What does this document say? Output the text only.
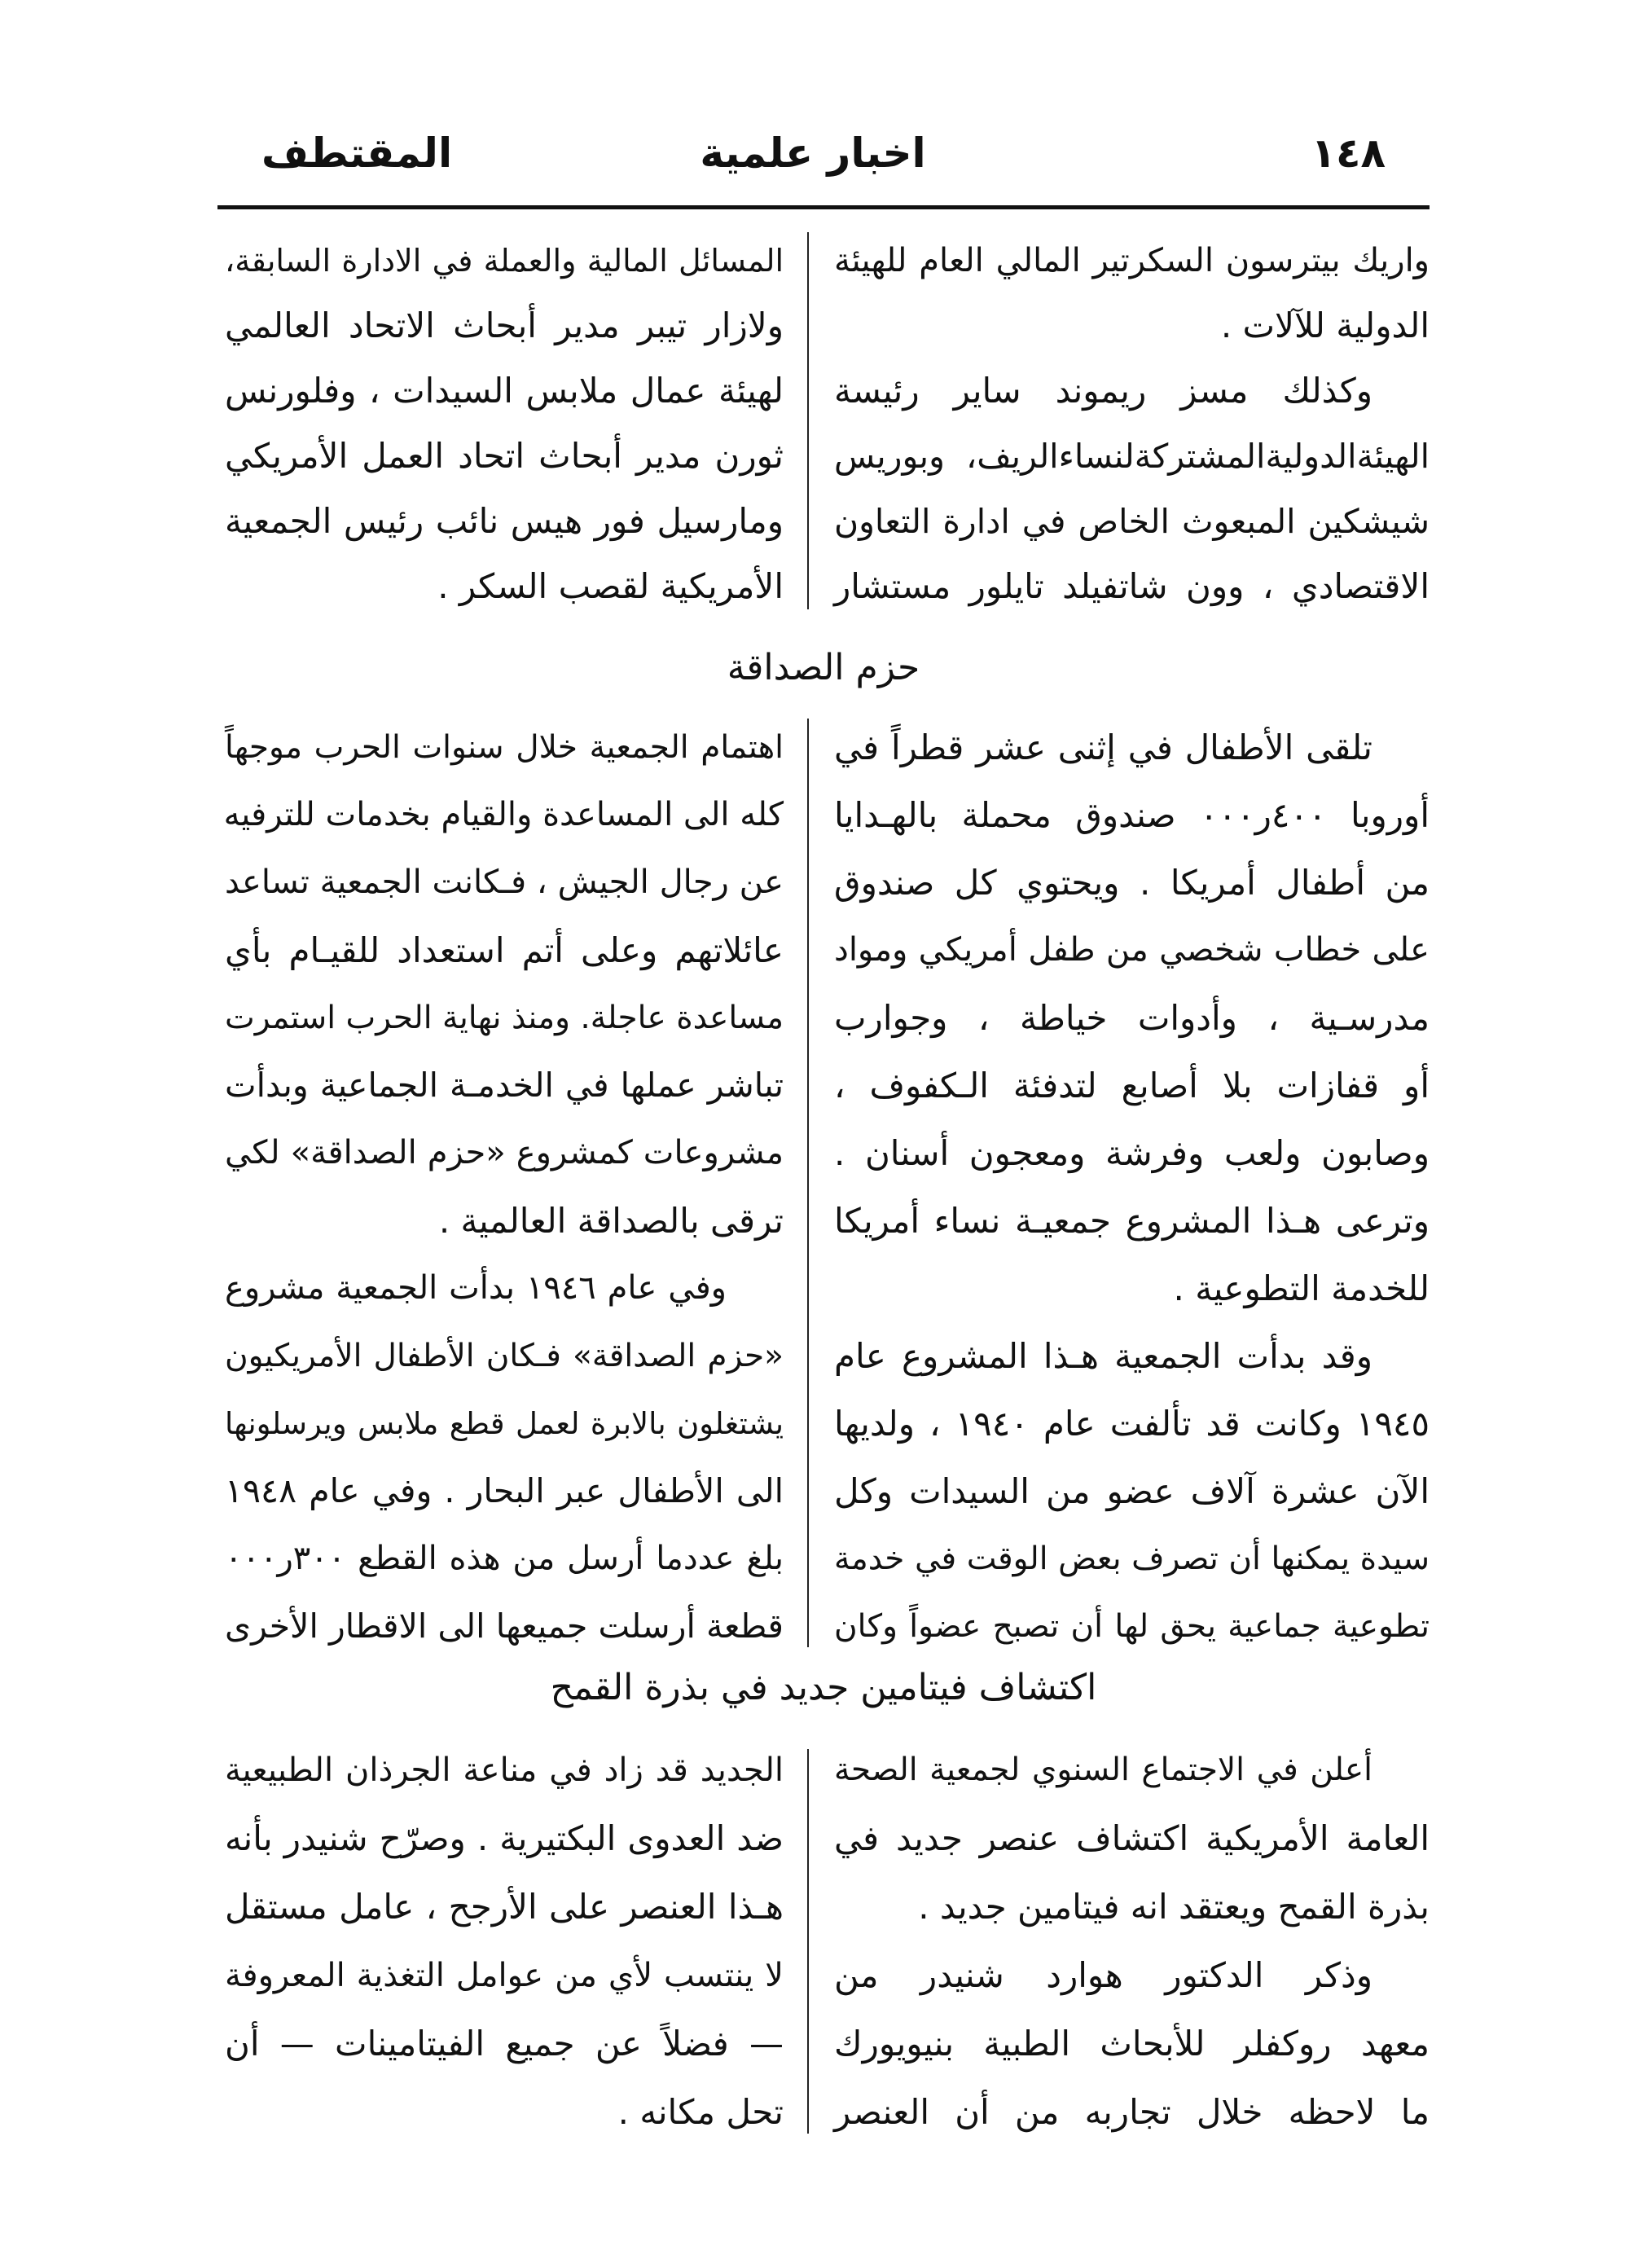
١٤٨
اخبار علمية
المقتطف
واريك بيترسون السكرتير المالي العام للهيئة
الدولية للآلات .
وكذلك مسز ريموند ساير رئيسة
الهيئةالدوليةالمشتركةلنساءالريف، وبوريس
شيشكين المبعوث الخاص في ادارة التعاون
الاقتصادي ، وون شاتفيلد تايلور مستشار
المسائل المالية والعملة في الادارة السابقة،
ولازار تيبر مدير أبحاث الاتحاد العالمي
لهيئة عمال ملابس السيدات ، وفلورنس
ثورن مدير أبحاث اتحاد العمل الأمريكي
ومارسيل فور هيس نائب رئيس الجمعية
الأمريكية لقصب السكر .
حزم الصداقة
تلقى الأطفال في إثنى عشر قطراً في
أوروبا ٤٠٠ر٠٠٠ صندوق محملة بالهـدايا
من أطفال أمريكا . ويحتوي كل صندوق
على خطاب شخصي من طفل أمريكي ومواد
مدرسـية ، وأدوات خياطة ، وجوارب
أو قفازات بلا أصابع لتدفئة الـكفوف ،
وصابون ولعب وفرشة ومعجون أسنان .
وترعى هـذا المشروع جمعيـة نساء أمريكا
للخدمة التطوعية .
وقد بدأت الجمعية هـذا المشروع عام
١٩٤٥ وكانت قد تألفت عام ١٩٤٠ ، ولديها
الآن عشرة آلاف عضو من السيدات وكل
سيدة يمكنها أن تصرف بعض الوقت في خدمة
تطوعية جماعية يحق لها أن تصبح عضواً وكان
اهتمام الجمعية خلال سنوات الحرب موجهاً
كله الى المساعدة والقيام بخدمات للترفيه
عن رجال الجيش ، فـكانت الجمعية تساعد
عائلاتهم وعلى أتم استعداد للقيـام بأي
مساعدة عاجلة. ومنذ نهاية الحرب استمرت
تباشر عملها في الخدمـة الجماعية وبدأت
مشروعات كمشروع «حزم الصداقة» لكي
ترقى بالصداقة العالمية .
وفي عام ١٩٤٦ بدأت الجمعية مشروع
«حزم الصداقة» فـكان الأطفال الأمريكيون
يشتغلون بالابرة لعمل قطع ملابس ويرسلونها
الى الأطفال عبر البحار . وفي عام ١٩٤٨
بلغ عددما أرسل من هذه القطع ٣٠٠ر٠٠٠
قطعة أرسلت جميعها الى الاقطار الأخرى
اكتشاف فيتامين جديد في بذرة القمح
أعلن في الاجتماع السنوي لجمعية الصحة
العامة الأمريكية اكتشاف عنصر جديد في
بذرة القمح ويعتقد انه فيتامين جديد .
وذكر الدكتور هوارد شنيدر من
معهد روكفلر للأبحاث الطبية بنيويورك
ما لاحظه خلال تجاربه من أن العنصر
الجديد قد زاد في مناعة الجرذان الطبيعية
ضد العدوى البكتيرية . وصرّح شنيدر بأنه
هـذا العنصر على الأرجح ، عامل مستقل
لا ينتسب لأي من عوامل التغذية المعروفة
— فضلاً عن جميع الفيتامينات — أن
تحل مكانه .
